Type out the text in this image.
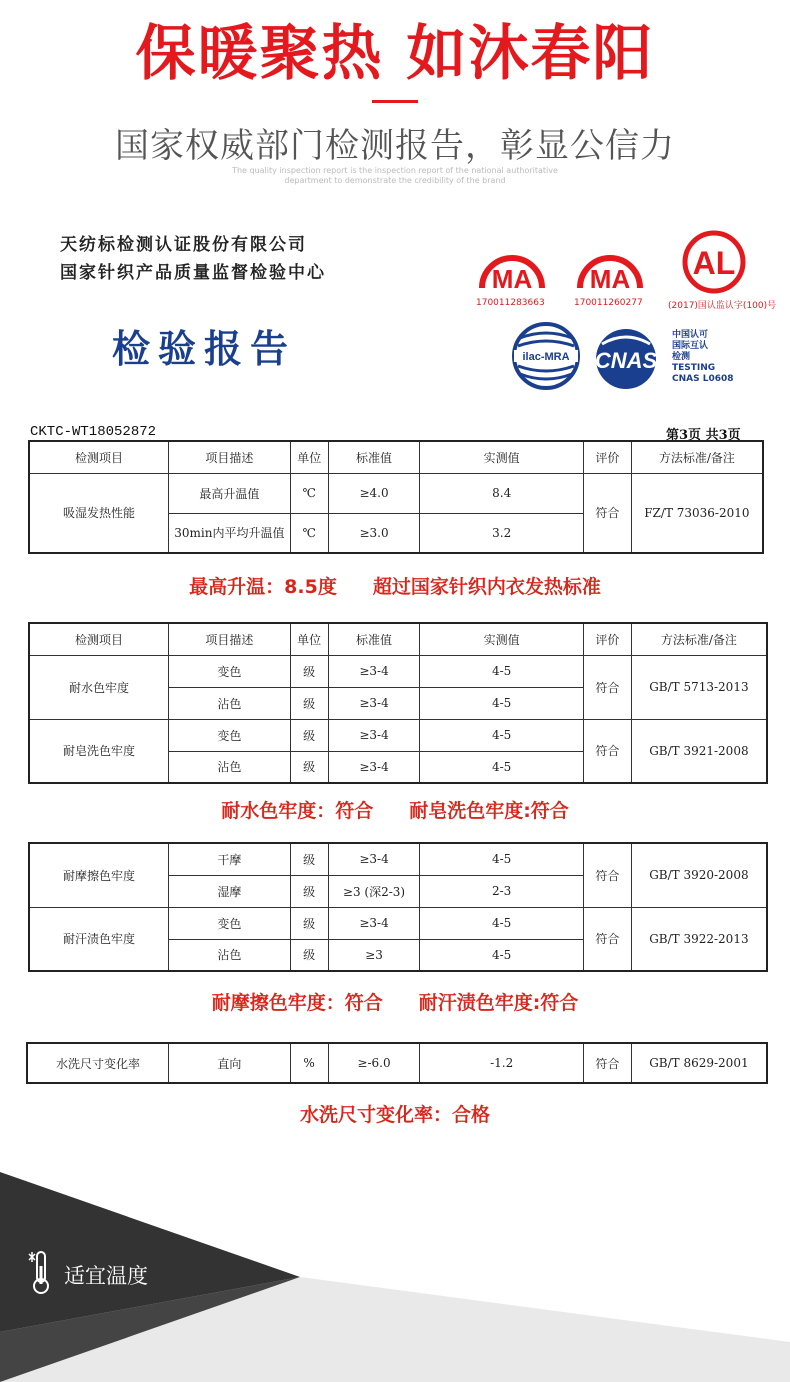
保暖聚热 如沐春阳
国家权威部门检测报告，彰显公信力
The quality inspection report is the inspection report of the national authoritative
department to demonstrate the credibility of the brand
天纺标检测认证股份有限公司
国家针织产品质量监督检验中心
检验报告
MA
170011283663
MA
170011260277
AL
(2017)国认监认字(100)号
ilac-MRA CNAS
中国认可
国际互认
检测
TESTING
CNAS L0608
CKTC-WT18052872	第3页 共3页
检测项目	项目描述	单位	标准值	实测值	评价	方法标准/备注
吸湿发热性能	最高升温值	℃	≥4.0	8.4	符合	FZ/T 73036-2010
	30min内平均升温值	℃	≥3.0	3.2		
最高升温：8.5度 超过国家针织内衣发热标准
检测项目	项目描述	单位	标准值	实测值	评价	方法标准/备注
耐水色牢度	变色	级	≥3-4	4-5	符合	GB/T 5713-2013
	沾色	级	≥3-4	4-5		
耐皂洗色牢度	变色	级	≥3-4	4-5	符合	GB/T 3921-2008
	沾色	级	≥3-4	4-5		
耐水色牢度：符合 耐皂洗色牢度:符合
耐摩擦色牢度	干摩	级	≥3-4	4-5	符合	GB/T 3920-2008
	湿摩	级	≥3 (深2-3)	2-3		
耐汗渍色牢度	变色	级	≥3-4	4-5	符合	GB/T 3922-2013
	沾色	级	≥3	4-5		
耐摩擦色牢度：符合 耐汗渍色牢度:符合
水洗尺寸变化率	直向	%	≥-6.0	-1.2	符合	GB/T 8629-2001
水洗尺寸变化率：合格
适宜温度
